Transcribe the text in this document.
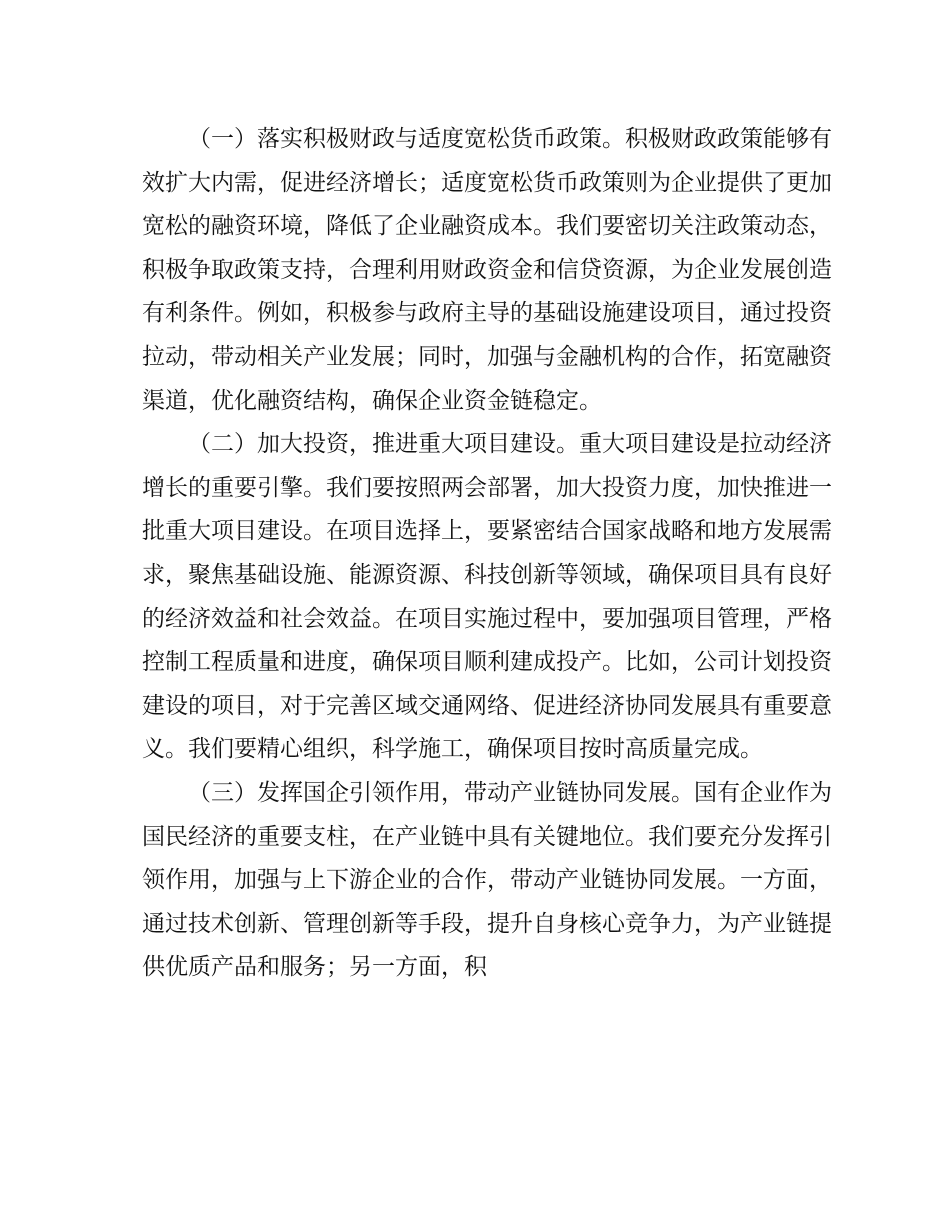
（一）落实积极财政与适度宽松货币政策。积极财政政策能够有效扩大内需，促进经济增长；适度宽松货币政策则为企业提供了更加宽松的融资环境，降低了企业融资成本。我们要密切关注政策动态，积极争取政策支持，合理利用财政资金和信贷资源，为企业发展创造有利条件。例如，积极参与政府主导的基础设施建设项目，通过投资拉动，带动相关产业发展；同时，加强与金融机构的合作，拓宽融资渠道，优化融资结构，确保企业资金链稳定。

（二）加大投资，推进重大项目建设。重大项目建设是拉动经济增长的重要引擎。我们要按照两会部署，加大投资力度，加快推进一批重大项目建设。在项目选择上，要紧密结合国家战略和地方发展需求，聚焦基础设施、能源资源、科技创新等领域，确保项目具有良好的经济效益和社会效益。在项目实施过程中，要加强项目管理，严格控制工程质量和进度，确保项目顺利建成投产。比如，公司计划投资建设的项目，对于完善区域交通网络、促进经济协同发展具有重要意义。我们要精心组织，科学施工，确保项目按时高质量完成。

（三）发挥国企引领作用，带动产业链协同发展。国有企业作为国民经济的重要支柱，在产业链中具有关键地位。我们要充分发挥引领作用，加强与上下游企业的合作，带动产业链协同发展。一方面，通过技术创新、管理创新等手段，提升自身核心竞争力，为产业链提供优质产品和服务；另一方面，积
